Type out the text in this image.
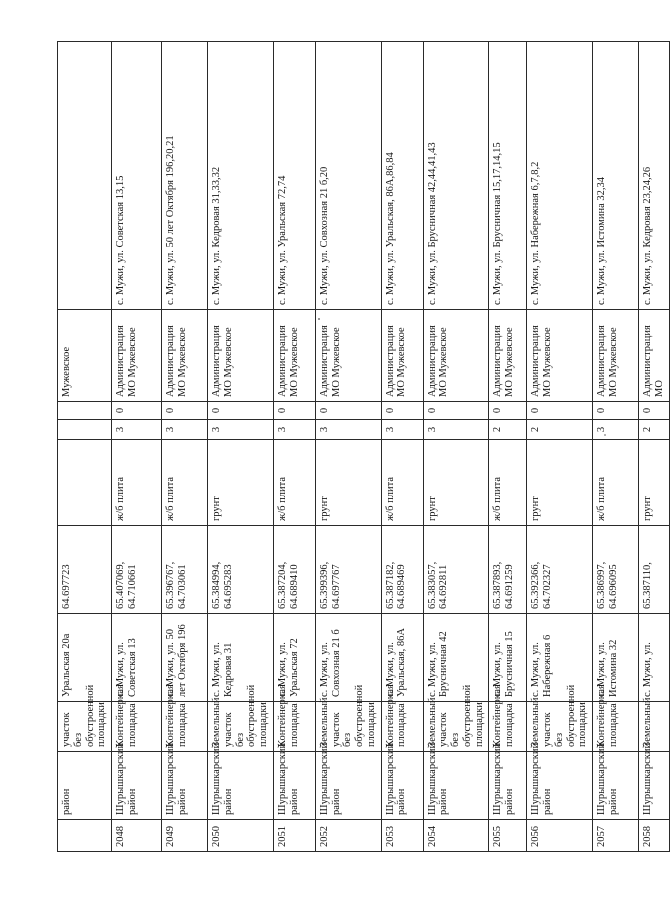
	район	участок без обустроенной площадки	Уральская 20а	64.697723				Мужевское	
2048	Шурышкарский район	Контейнерная площадка	с. Мужи, ул. Советская 13	65.407069, 64.710661	ж/б плита	3	0	Администрация МО Мужевское	с. Мужи, ул. Советская 13,15
2049	Шурышкарский район	Контейнерная площадка	с. Мужи, ул. 50 лет Октября 196	65.396767, 64.703061	ж/б плита	3	0	Администрация МО Мужевское	с. Мужи, ул. 50 лет Октября 196,20,21
2050	Шурышкарский район	Земельный участок без обустроенной площадки	с. Мужи, ул. Кедровая 31	65.384994, 64.695283	грунт	3	0	Администрация МО Мужевское	с. Мужи, ул. Кедровая 31,33,32
2051	Шурышкарский район	Контейнерная площадка	с. Мужи, ул. Уральская 72	65.387204, 64.689410	ж/б плита	3	0	Администрация МО Мужевское	с. Мужи, ул. Уральская 72,74
2052	Шурышкарский район	Земельный участок без обустроенной площадки	с. Мужи, ул. Совхозная 21 б	65.399396, 64.697767	грунт	3	0	Администрация МО Мужевское	с. Мужи, ул. Совхозная 21 б,20
2053	Шурышкарский район	Контейнерная площадка	с. Мужи, ул. Уральская, 86А	65.387182, 64.689469	ж/б плита	3	0	Администрация МО Мужевское	с. Мужи, ул. Уральская, 86А,86,84
2054	Шурышкарский район	Земельный участок без обустроенной площадки	с. Мужи, ул. Брусничная 42	65.383057, 64.692811	грунт	3	0	Администрация МО Мужевское	с. Мужи, ул. Брусничная 42,44,41,43
2055	Шурышкарский район	Контейнерная площадка	с. Мужи, ул. Брусничная 15	65.387893, 64.691259	ж/б плита	2	0	Администрация МО Мужевское	с. Мужи, ул. Брусничная 15,17,14,15
2056	Шурышкарский район	Земельный участок без обустроенной площадки	с. Мужи, ул. Набережная 6	65.392366, 64.702327	грунт	2	0	Администрация МО Мужевское	с. Мужи, ул. Набережная 6,7,8,2
2057	Шурышкарский район	Контейнерная площадка	с. Мужи, ул. Истомина 32	65.386997, 64.696095	ж/б плита	3	0	Администрация МО Мужевское	с. Мужи, ул. Истомина 32,34
2058	Шурышкарский	Земельный	с. Мужи, ул.	65.387110,	грунт	2	0	Администрация МО	с. Мужи, ул. Кедровая 23,24,26
